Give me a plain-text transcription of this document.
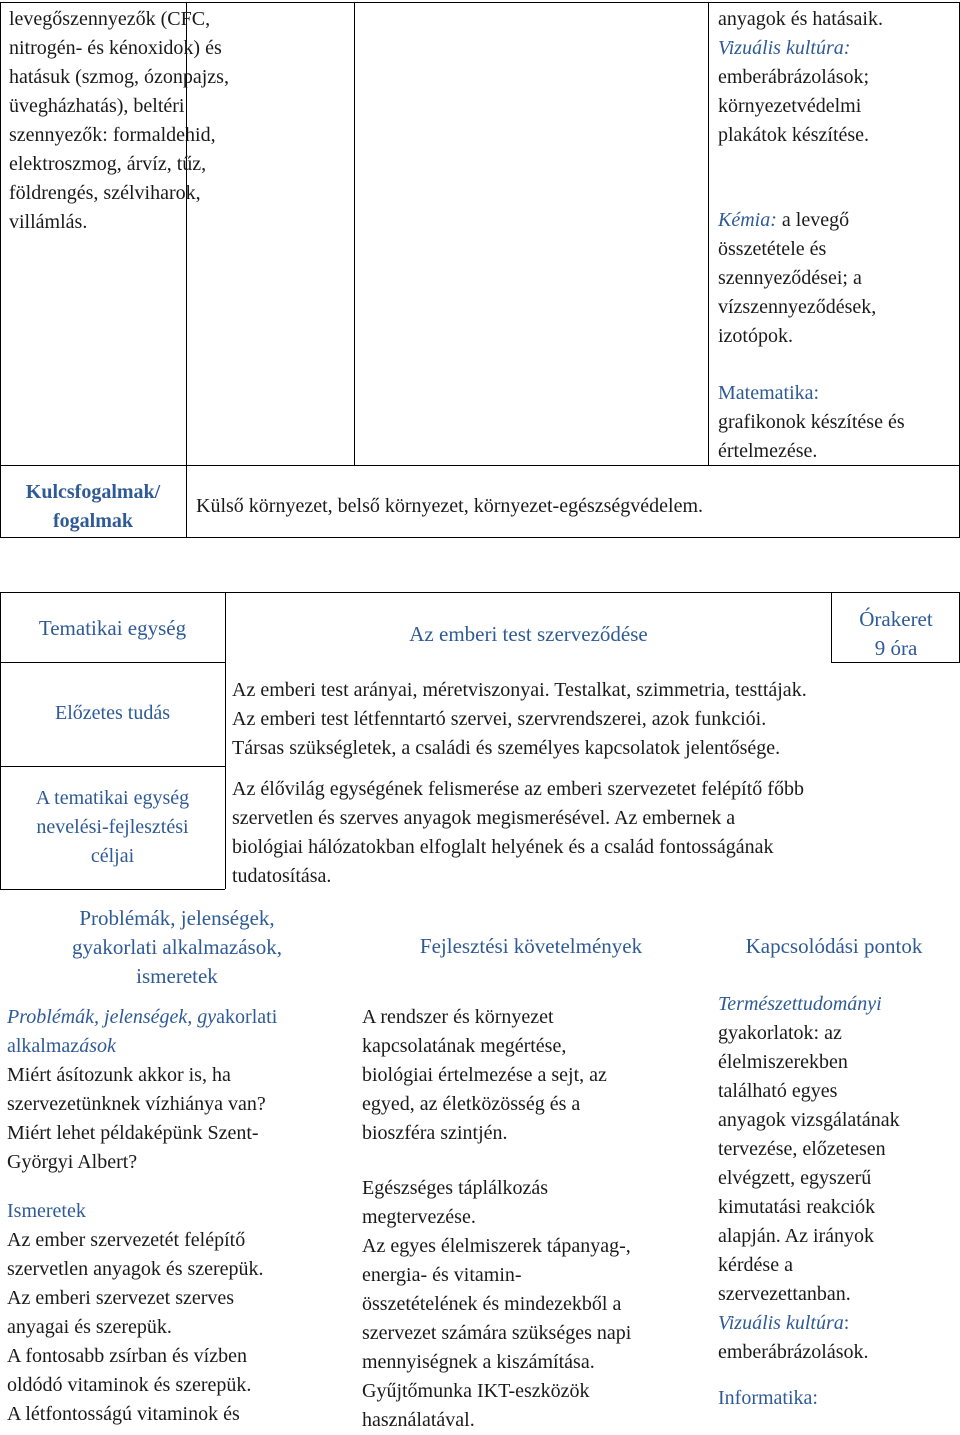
levegőszennyezők (CFC,

nitrogén- és kénoxidok) és

hatásuk (szmog, ózonpajzs,

üvegházhatás), beltéri

szennyezők: formaldehid,

elektroszmog, árvíz, tűz,

földrengés, szélviharok,

villámlás.

anyagok és hatásaik.

Vizuális kultúra:

emberábrázolások;

környezetvédelmi

plakátok készítése.

Kémia: a levegő

összetétele és

szennyeződései; a

vízszennyeződések,

izotópok.

Matematika:

grafikonok készítése és

értelmezése.

Kulcsfogalmak/

fogalmak

Külső környezet, belső környezet, környezet-egészségvédelem.
Tematikai egység	Az emberi test szerveződése

Órakeret

9 óra

Előzetes tudás

Az emberi test arányai, méretviszonyai. Testalkat, szimmetria, testtájak.

Az emberi test létfenntartó szervei, szervrendszerei, azok funkciói.

Társas szükségletek, a családi és személyes kapcsolatok jelentősége.

A tematikai egység

nevelési-fejlesztési

céljai

Az élővilág egységének felismerése az emberi szervezetet felépítő főbb

szervetlen és szerves anyagok megismerésével. Az embernek a

biológiai hálózatokban elfoglalt helyének és a család fontosságának

tudatosítása.

Problémák, jelenségek,

gyakorlati alkalmazások,

ismeretek

Fejlesztési követelmények	Kapcsolódási pontok

Problémák, jelenségek, gyakorlati

alkalmazások

Miért ásítozunk akkor is, ha

szervezetünknek vízhiánya van?

Miért lehet példaképünk Szent-

Györgyi Albert?

Ismeretek

Az ember szervezetét felépítő

szervetlen anyagok és szerepük.

Az emberi szervezet szerves

anyagai és szerepük.

A fontosabb zsírban és vízben

oldódó vitaminok és szerepük.

A létfontosságú vitaminok és

A rendszer és környezet

kapcsolatának megértése,

biológiai értelmezése a sejt, az

egyed, az életközösség és a

bioszféra szintjén.

Egészséges táplálkozás

megtervezése.

Az egyes élelmiszerek tápanyag-,

energia- és vitamin-

összetételének és mindezekből a

szervezet számára szükséges napi

mennyiségnek a kiszámítása.

Gyűjtőmunka IKT-eszközök

használatával.

Természettudományi

gyakorlatok: az

élelmiszerekben

található egyes

anyagok vizsgálatának

tervezése, előzetesen

elvégzett, egyszerű

kimutatási reakciók

alapján. Az irányok

kérdése a

szervezettanban.

Vizuális kultúra:

emberábrázolások.

Informatika:
